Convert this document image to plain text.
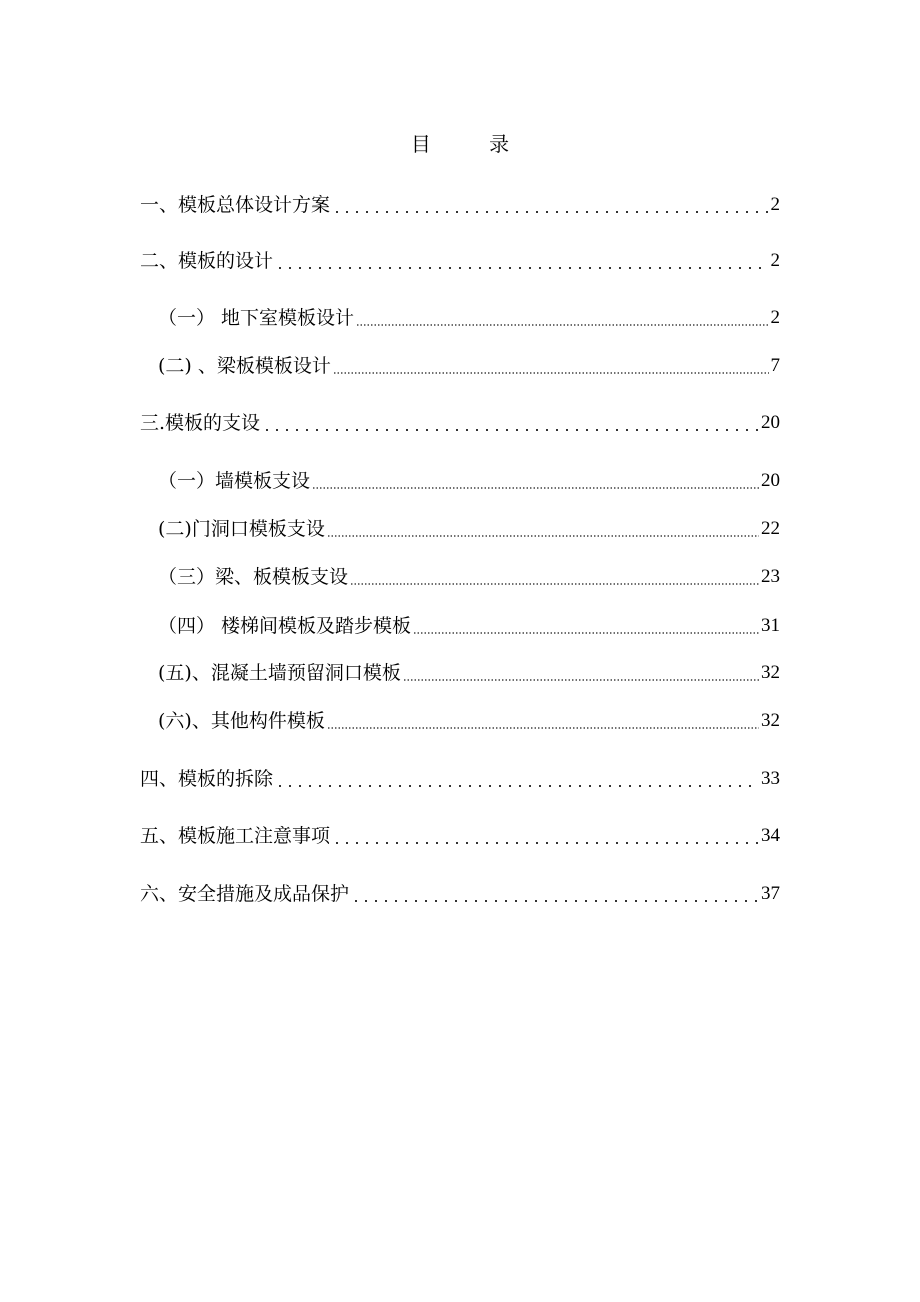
目 录
一、模板总体设计方案	2
二、模板的设计	2
（一） 地下室模板设计	2
(二) 、梁板模板设计	7
三.模板的支设	20
（一）墙模板支设	20
(二)门洞口模板支设	22
（三）梁、板模板支设	23
（四） 楼梯间模板及踏步模板	31
(五)、混凝土墙预留洞口模板	32
(六)、其他构件模板	32
四、模板的拆除	33
五、模板施工注意事项	34
六、安全措施及成品保护	37
